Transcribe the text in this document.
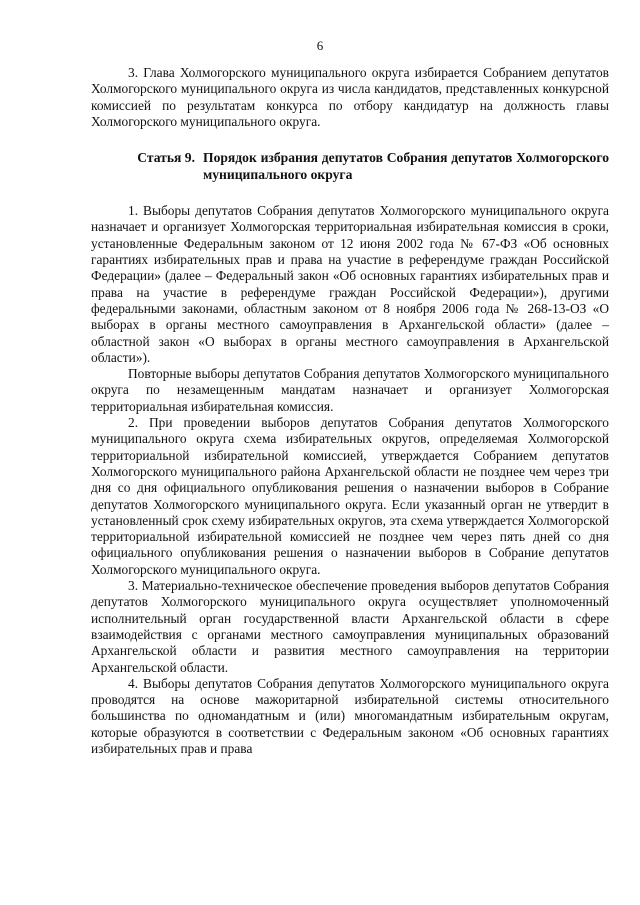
6

3. Глава Холмогорского муниципального округа избирается Собранием депутатов Холмогорского муниципального округа из числа кандидатов, представленных конкурсной комиссией по результатам конкурса по отбору кандидатур на должность главы Холмогорского муниципального округа.

Статья 9. Порядок избрания депутатов Собрания депутатов Холмогорского муниципального округа

1. Выборы депутатов Собрания депутатов Холмогорского муниципального округа назначает и организует Холмогорская территориальная избирательная комиссия в сроки, установленные Федеральным законом от 12 июня 2002 года № 67-ФЗ «Об основных гарантиях избирательных прав и права на участие в референдуме граждан Российской Федерации» (далее – Федеральный закон «Об основных гарантиях избирательных прав и права на участие в референдуме граждан Российской Федерации»), другими федеральными законами, областным законом от 8 ноября 2006 года № 268-13-ОЗ «О выборах в органы местного самоуправления в Архангельской области» (далее – областной закон «О выборах в органы местного самоуправления в Архангельской области»).

Повторные выборы депутатов Собрания депутатов Холмогорского муниципального округа по незамещенным мандатам назначает и организует Холмогорская территориальная избирательная комиссия.

2. При проведении выборов депутатов Собрания депутатов Холмогорского муниципального округа схема избирательных округов, определяемая Холмогорской территориальной избирательной комиссией, утверждается Собранием депутатов Холмогорского муниципального района Архангельской области не позднее чем через три дня со дня официального опубликования решения о назначении выборов в Собрание депутатов Холмогорского муниципального округа. Если указанный орган не утвердит в установленный срок схему избирательных округов, эта схема утверждается Холмогорской территориальной избирательной комиссией не позднее чем через пять дней со дня официального опубликования решения о назначении выборов в Собрание депутатов Холмогорского муниципального округа.

3. Материально-техническое обеспечение проведения выборов депутатов Собрания депутатов Холмогорского муниципального округа осуществляет уполномоченный исполнительный орган государственной власти Архангельской области в сфере взаимодействия с органами местного самоуправления муниципальных образований Архангельской области и развития местного самоуправления на территории Архангельской области.

4. Выборы депутатов Собрания депутатов Холмогорского муниципального округа проводятся на основе мажоритарной избирательной системы относительного большинства по одномандатным и (или) многомандатным избирательным округам, которые образуются в соответствии с Федеральным законом «Об основных гарантиях избирательных прав и права
